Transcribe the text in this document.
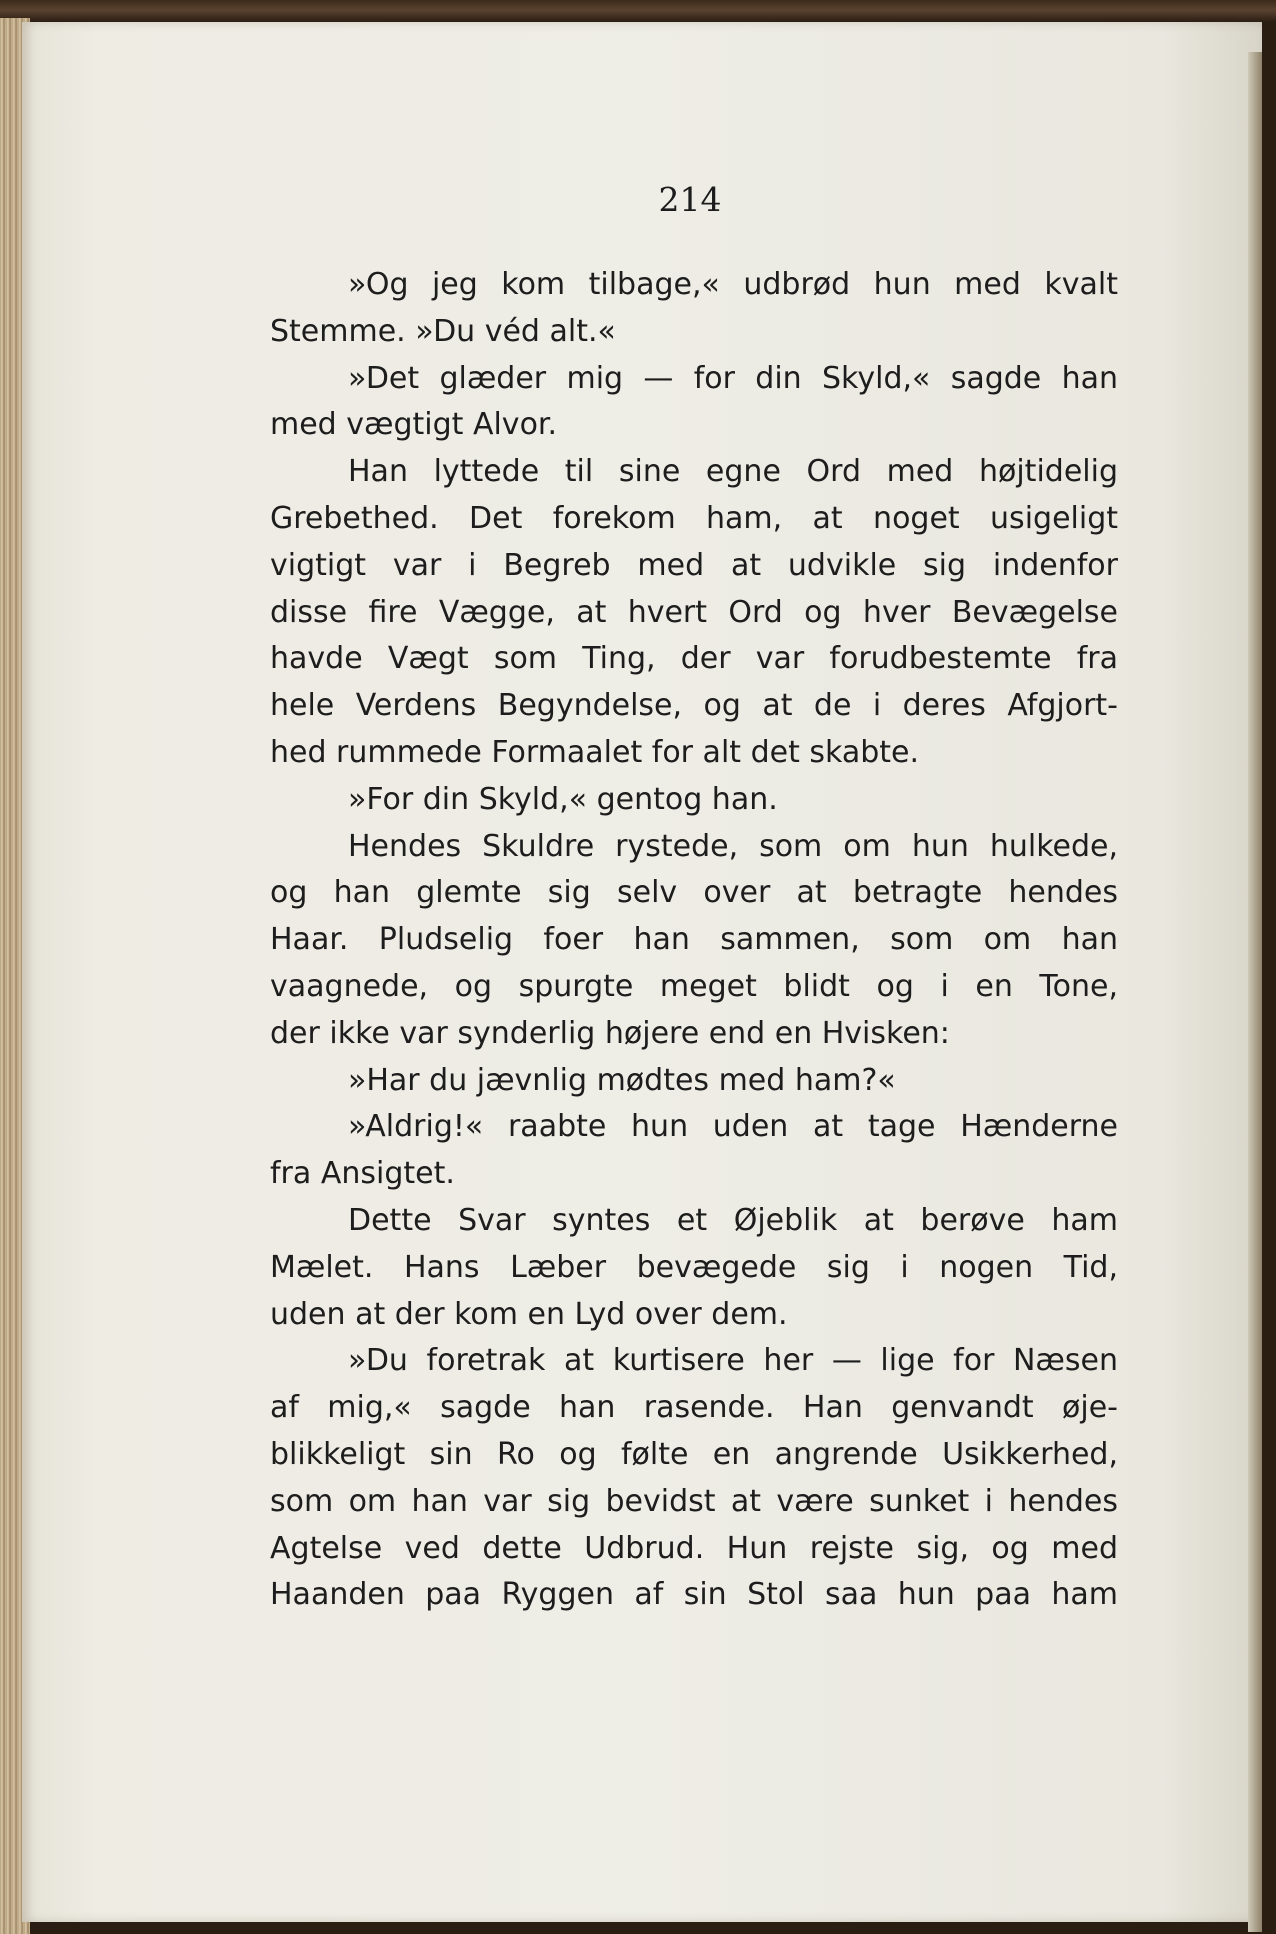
214
»Og jeg kom tilbage,« udbrød hun med kvalt
Stemme. »Du véd alt.«
»Det glæder mig — for din Skyld,« sagde han
med vægtigt Alvor.
Han lyttede til sine egne Ord med højtidelig
Grebethed. Det forekom ham, at noget usigeligt
vigtigt var i Begreb med at udvikle sig indenfor
disse fire Vægge, at hvert Ord og hver Bevægelse
havde Vægt som Ting, der var forudbestemte fra
hele Verdens Begyndelse, og at de i deres Afgjort-
hed rummede Formaalet for alt det skabte.
»For din Skyld,« gentog han.
Hendes Skuldre rystede, som om hun hulkede,
og han glemte sig selv over at betragte hendes
Haar. Pludselig foer han sammen, som om han
vaagnede, og spurgte meget blidt og i en Tone,
der ikke var synderlig højere end en Hvisken:
»Har du jævnlig mødtes med ham?«
»Aldrig!« raabte hun uden at tage Hænderne
fra Ansigtet.
Dette Svar syntes et Øjeblik at berøve ham
Mælet. Hans Læber bevægede sig i nogen Tid,
uden at der kom en Lyd over dem.
»Du foretrak at kurtisere her — lige for Næsen
af mig,« sagde han rasende. Han genvandt øje-
blikkeligt sin Ro og følte en angrende Usikkerhed,
som om han var sig bevidst at være sunket i hendes
Agtelse ved dette Udbrud. Hun rejste sig, og med
Haanden paa Ryggen af sin Stol saa hun paa ham
